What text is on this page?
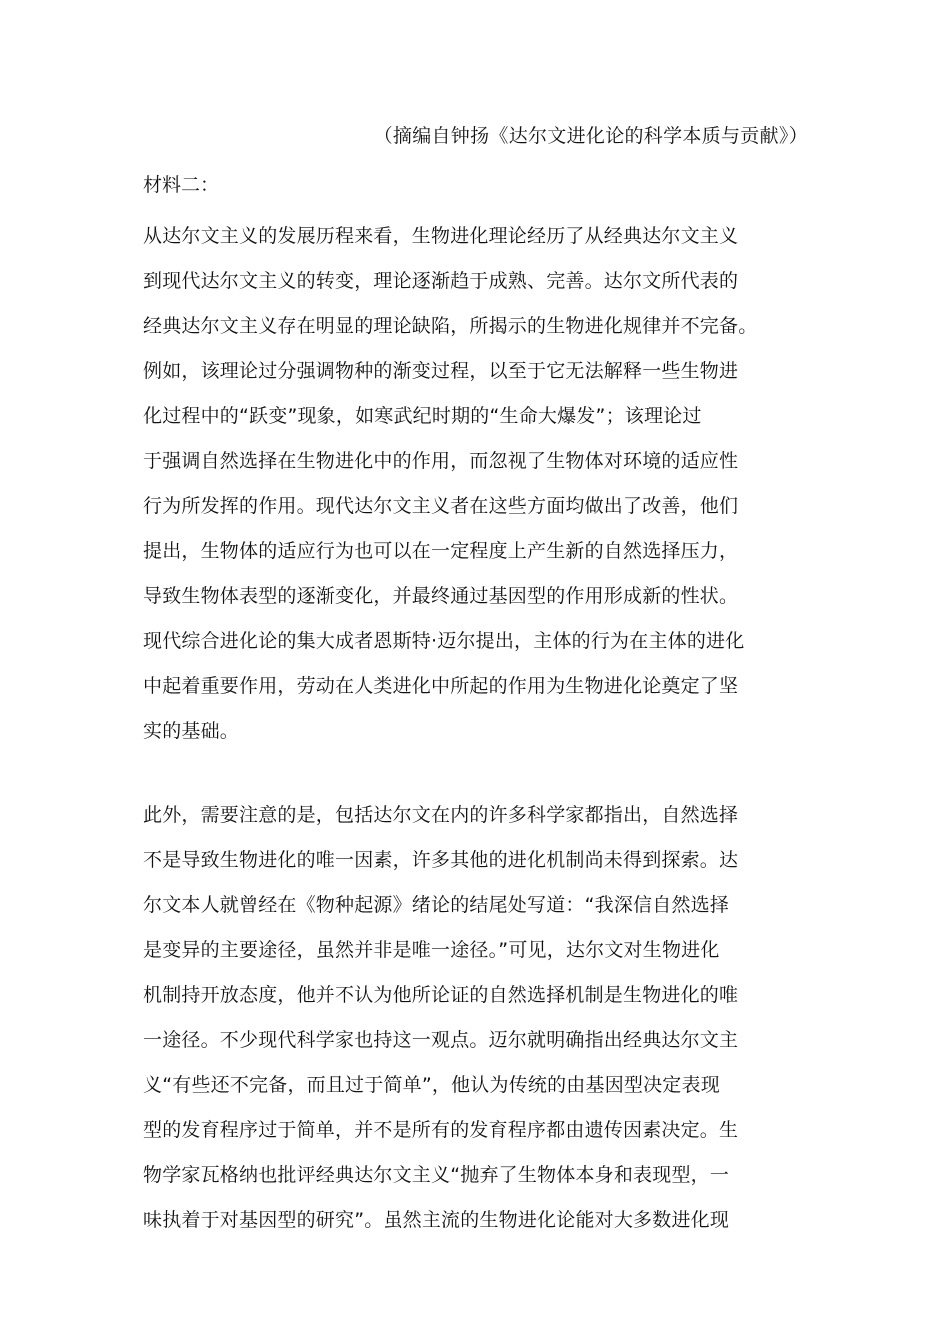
（摘编自钟扬《达尔文进化论的科学本质与贡献》）
材料二：
从达尔文主义的发展历程来看，生物进化理论经历了从经典达尔文主义
到现代达尔文主义的转变，理论逐渐趋于成熟、完善。达尔文所代表的
经典达尔文主义存在明显的理论缺陷，所揭示的生物进化规律并不完备。
例如，该理论过分强调物种的渐变过程，以至于它无法解释一些生物进
化过程中的“跃变”现象，如寒武纪时期的“生命大爆发”；该理论过
于强调自然选择在生物进化中的作用，而忽视了生物体对环境的适应性
行为所发挥的作用。现代达尔文主义者在这些方面均做出了改善，他们
提出，生物体的适应行为也可以在一定程度上产生新的自然选择压力，
导致生物体表型的逐渐变化，并最终通过基因型的作用形成新的性状。
现代综合进化论的集大成者恩斯特·迈尔提出，主体的行为在主体的进化
中起着重要作用，劳动在人类进化中所起的作用为生物进化论奠定了坚
实的基础。
此外，需要注意的是，包括达尔文在内的许多科学家都指出，自然选择
不是导致生物进化的唯一因素，许多其他的进化机制尚未得到探索。达
尔文本人就曾经在《物种起源》绪论的结尾处写道：“我深信自然选择
是变异的主要途径，虽然并非是唯一途径。”可见，达尔文对生物进化
机制持开放态度，他并不认为他所论证的自然选择机制是生物进化的唯
一途径。不少现代科学家也持这一观点。迈尔就明确指出经典达尔文主
义“有些还不完备，而且过于简单”，他认为传统的由基因型决定表现
型的发育程序过于简单，并不是所有的发育程序都由遗传因素决定。生
物学家瓦格纳也批评经典达尔文主义“抛弃了生物体本身和表现型，一
味执着于对基因型的研究”。虽然主流的生物进化论能对大多数进化现
